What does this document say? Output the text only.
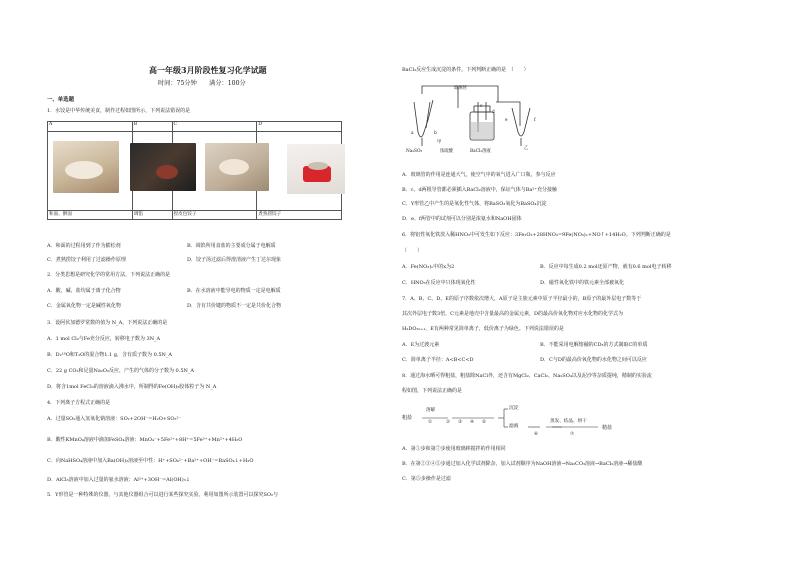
高一年级3月阶段性复习化学试题
时间：75分钟　　满分：100分
一、单选题
1．水饺是中华传统美食，制作过程如图所示，下列说法错误的是
A	B	C	D

和面、擀面	调馅	捏皮包饺子	煮熟捞饺子
A．和面的过程用到了作为膨松剂	B．调馅所用食盐的主要成分属于电解质
C．煮熟捞饺子利用了过滤操作原理	D．饺子汤过滤后得澄清液产生丁达尔现象
2．分类思想是研究化学的常用方法，下列说法正确的是
A．酸、碱、盐均属于离子化合物	B．在水溶液中能导电的物质一定是电解质
C．金属氧化物一定是碱性氧化物	D．含有共价键的物质不一定是共价化合物
3．设阿伏加德罗常数的值为 N_A，下列说法正确的是
A．1 mol Cl₂与Fe充分反应，转移电子数为 3N_A
B．D₂¹⁶O和T₂O的混合物1.1 g，含有质子数为 0.5N_A
C．22 g CO₂和足量Na₂O₂反应，产生的气体的分子数为 0.5N_A
D．将含1mol FeCl₃的溶液滴入沸水中，所制得的Fe(OH)₃胶体粒子为 N_A
4．下列离子方程式正确的是
A．过量SO₂通入氢氧化钠溶液：SO₂+2OH⁻=H₂O+SO₃²⁻
B．酸性KMnO₄溶液中滴加FeSO₄溶液：MnO₄⁻+5Fe²⁺+8H⁺=5Fe³⁺+Mn²⁺+4H₂O
C．向NaHSO₄溶液中加入Ba(OH)₂溶液至中性：H⁺+SO₄²⁻+Ba²⁺+OH⁻=BaSO₄↓+H₂O
D．AlCl₃溶液中加入过量的氨水溶液：Al³⁺+3OH⁻=Al(OH)₃↓
5．Y形管是一种特殊的仪器，与其他仪器组合可以进行某些探究实验。利用如图所示装置可以探究SO₂与
BaCl₂反应生成沉淀的条件。下列判断正确的是　（　　）
玻璃管
a	b
c
d
e	f
甲
乙
Na₂SO₃	浓硫酸	BaCl₂溶液
A．玻璃管的作用是连通大气，使空气中的氧气进入广口瓶，参与反应
B．c、d两根导管都必须插入BaCl₂溶液中，保证气体与Ba²⁺充分接触
C．Y形管乙中产生的是氧化性气体，将BaSO₃氧化为BaSO₄沉淀
D．e、f两管中的试剂可以分别是浓氨水和NaOH固体
6．将铝性氧化铁放入稀HNO₃中可发生如下反应：3Fe₂O₃+28HNO₃=9Fe(NO₃)ₓ+NO↑+14H₂O。下列判断正确的是
（　　）
A．Fe(NO₃)ₓ中的x为2	B．反应中每生成0.2 mol还原产物，就有0.6 mol电子转移
C．HNO₃在反应中只体现氧化性	D．磁性氧化铁中的铁元素全部被氧化
7．A、B、C、D、E的原子序数依次增大，A原子是主族元素中原子半径最小的，B原子的最外层电子数等于
其次外层电子数3倍，C元素是地壳中含量最高的金属元素，D的最高价氧化物对应水化物的化学式为
H₂DO₂ₙ₊₁，E有两种常见简单离子，低价离子为绿色。下列说法错误的是
A．E为过渡元素	B．不能采用电解熔融的CD₃的方式制取C的单质
C．简单离子半径：A<B<C<D	D．C与D的最高价氧化物的水化物之间可以反应
8．通过海水晒可得粗盐，粗盐除NaCl外，还含有MgCl₂、CaCl₂、Na₂SO₄以及泥沙等杂质提纯，精制的实验流
程如图，下列说法正确的是
粗盐
溶解
①	② ③ ④ ⑤
沉淀
滤液
⑥
蒸发、结晶、烘干
⑦
精盐
A．第①步和第⑦步使用玻璃棒搅拌的作用相同
B．在第②③④⑤步通过加入化学试剂除杂，加入试剂顺序为NaOH溶液→Na₂CO₃溶液→BaCl₂溶液→稀盐酸
C．第⑤步操作是过滤
